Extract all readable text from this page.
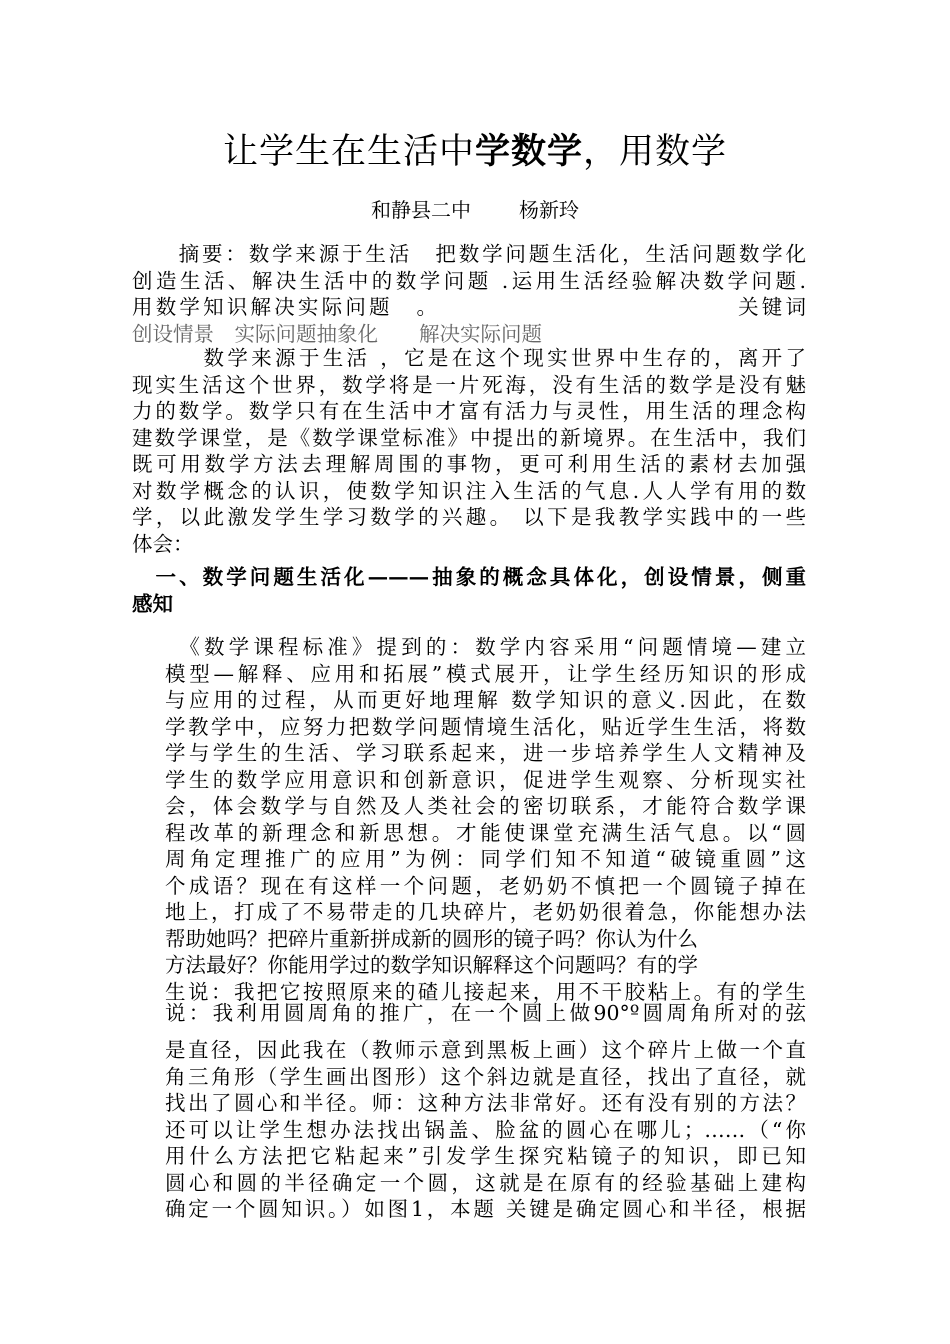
让学生在生活中学数学，用数学
和静县二中 杨新玲
　　摘要：数学来源于生活　把数学问题生活化，生活问题数学化
创造生活、解决生活中的数学问题 .运用生活经验解决数学问题.
用数学知识解决实际问题　。　　　　　　　　　　　　　关键词
创设情景　实际问题抽象化　　解决实际问题
　　　数学来源于生活 ，它是在这个现实世界中生存的，离开了
现实生活这个世界，数学将是一片死海，没有生活的数学是没有魅
力的数学。数学只有在生活中才富有活力与灵性，用生活的理念构
建数学课堂，是《数学课堂标准》中提出的新境界。在生活中，我们
既可用数学方法去理解周围的事物，更可利用生活的素材去加强
对数学概念的认识，使数学知识注入生活的气息.人人学有用的数
学，以此激发学生学习数学的兴趣。 以下是我教学实践中的一些
体会：
　一、数学问题生活化———抽象的概念具体化，创设情景，侧重
感知
　《数学课程标准》提到的：数学内容采用“问题情境—建立
模型—解释、应用和拓展”模式展开，让学生经历知识的形成
与应用的过程，从而更好地理解 数学知识的意义.因此，在数
学教学中，应努力把数学问题情境生活化，贴近学生生活，将数
学与学生的生活、学习联系起来，进一步培养学生人文精神及
学生的数学应用意识和创新意识，促进学生观察、分析现实社
会，体会数学与自然及人类社会的密切联系，才能符合数学课
程改革的新理念和新思想。才能使课堂充满生活气息。以“圆
周角定理推广的应用”为例：同学们知不知道“破镜重圆”这
个成语？现在有这样一个问题，老奶奶不慎把一个圆镜子掉在
地上，打成了不易带走的几块碎片，老奶奶很着急，你能想办法
帮助她吗？把碎片重新拼成新的圆形的镜子吗？你认为什么
方法最好？你能用学过的数学知识解释这个问题吗？有的学
生说：我把它按照原来的碴儿接起来，用不干胶粘上。有的学生
说：我利用圆周角的推广，在一个圆上做90°º圆周角所对的弦
是直径，因此我在（教师示意到黑板上画）这个碎片上做一个直
角三角形（学生画出图形）这个斜边就是直径，找出了直径，就
找出了圆心和半径。师：这种方法非常好。还有没有别的方法？
还可以让学生想办法找出锅盖、脸盆的圆心在哪儿；……（“你
用什么方法把它粘起来”引发学生探究粘镜子的知识，即已知
圆心和圆的半径确定一个圆，这就是在原有的经验基础上建构
确定一个圆知识。）如图1，本题 关键是确定圆心和半径，根据
